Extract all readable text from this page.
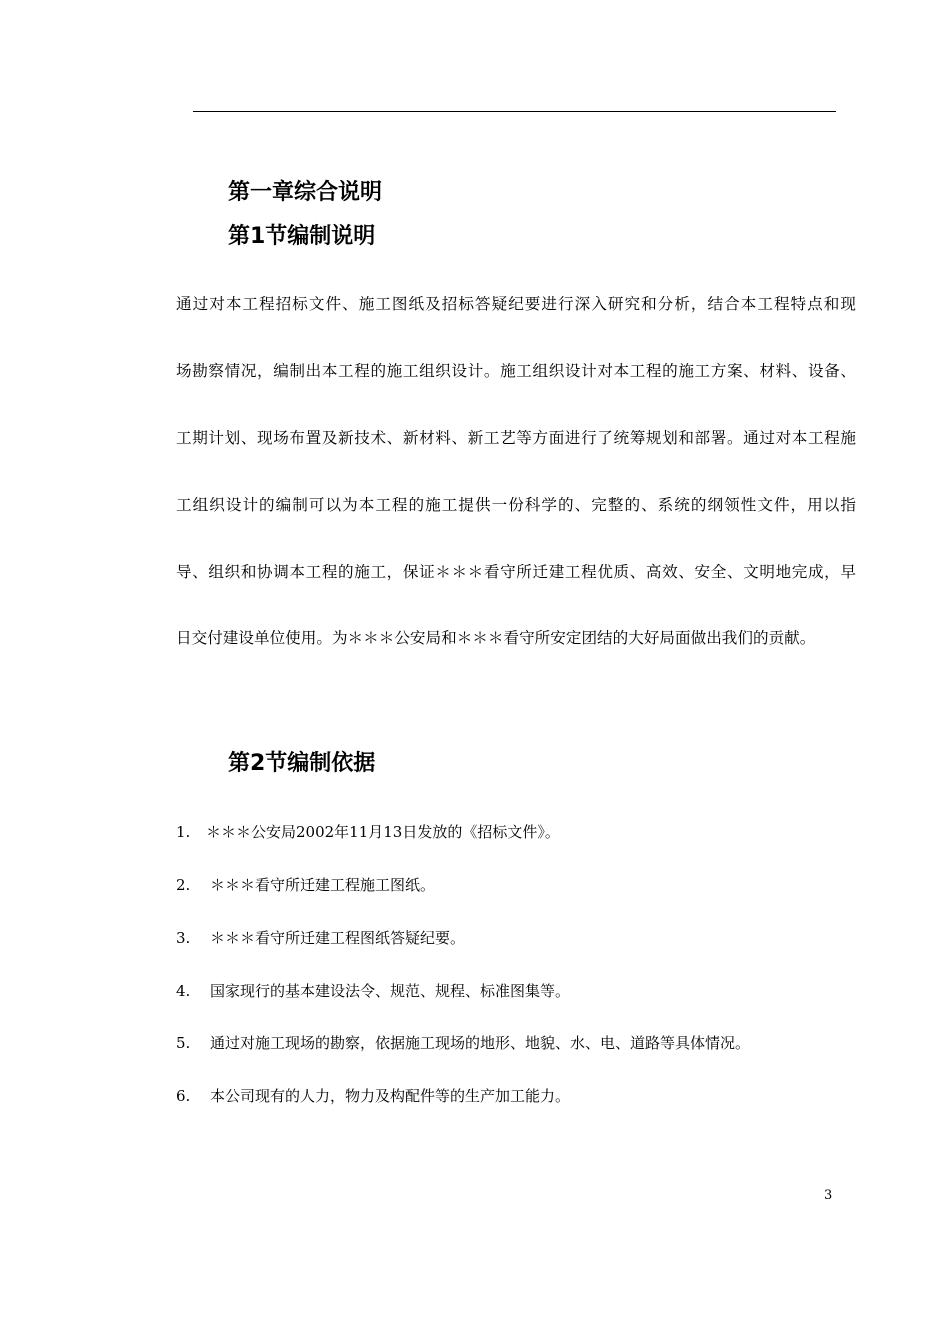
第一章综合说明
第1节编制说明

通过对本工程招标文件、施工图纸及招标答疑纪要进行深入研究和分析，结合本工程特点和现

场勘察情况，编制出本工程的施工组织设计。施工组织设计对本工程的施工方案、材料、设备、

工期计划、现场布置及新技术、新材料、新工艺等方面进行了统筹规划和部署。通过对本工程施

工组织设计的编制可以为本工程的施工提供一份科学的、完整的、系统的纲领性文件，用以指

导、组织和协调本工程的施工，保证＊＊＊看守所迁建工程优质、高效、安全、文明地完成，早

日交付建设单位使用。为＊＊＊公安局和＊＊＊看守所安定团结的大好局面做出我们的贡献。

第2节编制依据

1. ＊＊＊公安局2002年11月13日发放的《招标文件》。

2. ＊＊＊看守所迁建工程施工图纸。

3. ＊＊＊看守所迁建工程图纸答疑纪要。

4. 国家现行的基本建设法令、规范、规程、标准图集等。

5. 通过对施工现场的勘察，依据施工现场的地形、地貌、水、电、道路等具体情况。

6. 本公司现有的人力，物力及构配件等的生产加工能力。

3
